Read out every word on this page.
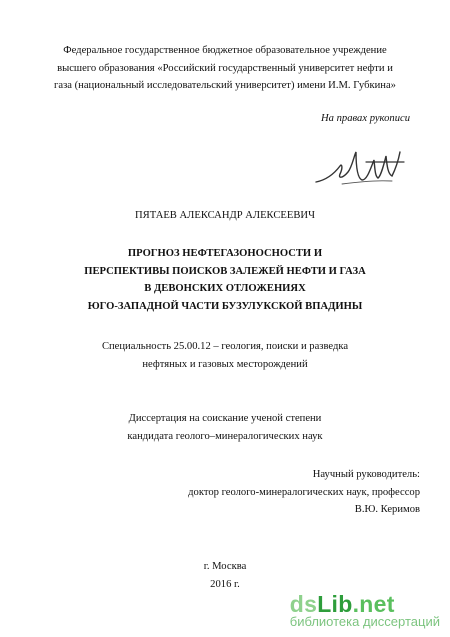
Федеральное государственное бюджетное образовательное учреждение
высшего образования «Российский государственный университет нефти и
газа (национальный исследовательский университет) имени И.М. Губкина»
На правах рукописи
ПЯТАЕВ АЛЕКСАНДР АЛЕКСЕЕВИЧ
ПРОГНОЗ НЕФТЕГАЗОНОСНОСТИ И
ПЕРСПЕКТИВЫ ПОИСКОВ ЗАЛЕЖЕЙ НЕФТИ И ГАЗА
В ДЕВОНСКИХ ОТЛОЖЕНИЯХ
ЮГО-ЗАПАДНОЙ ЧАСТИ БУЗУЛУКСКОЙ ВПАДИНЫ
Специальность 25.00.12 – геология, поиски и разведка
нефтяных и газовых месторождений
Диссертация на соискание ученой степени
кандидата геолого–минералогических наук
Научный руководитель:
доктор геолого-минералогических наук, профессор
В.Ю. Керимов
г. Москва
2016 г.
dsLib.net
библиотека диссертаций
